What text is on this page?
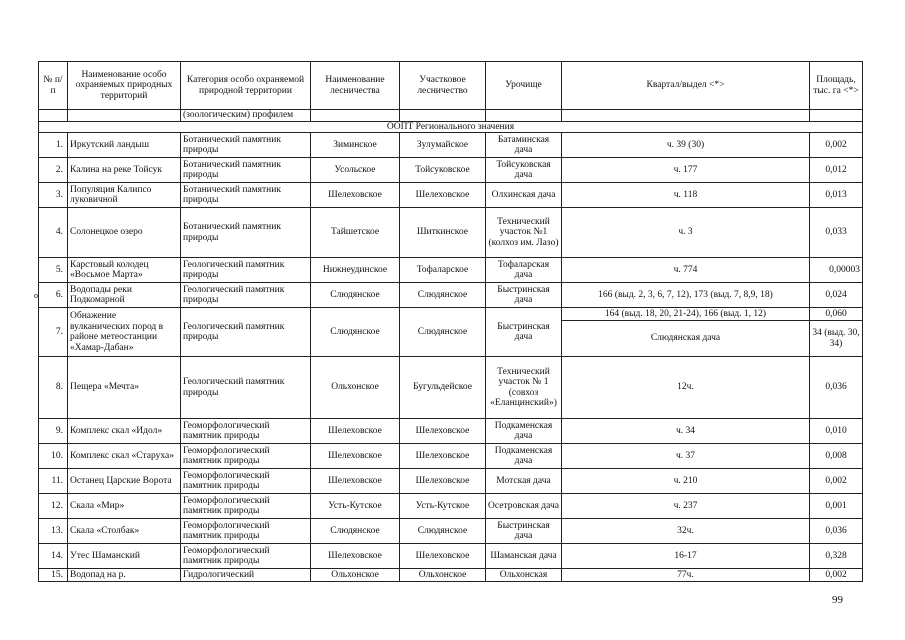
№ п/п	Наименование особо охраняемых природных территорий	Категория особо охраняемой природной территории	Наименование лесничества	Участковое лесничество	Урочище	Квартал/выдел <*>	Площадь, тыс. га <*>
		(зоологическим) профилем					
ООПТ Регионального значения							
1.	Иркутский ландыш	Ботанический памятник природы	Зиминское	Зулумайское	Батаминская дача	ч. 39 (30)	0,002
2.	Калина на реке Тойсук	Ботанический памятник природы	Усольское	Тойсуковское	Тойсуковская дача	ч. 177	0,012
3.	Популяция Калипсо луковичной	Ботанический памятник природы	Шелеховское	Шелеховское	Олхинская дача	ч. 118	0,013
4.	Солонецкое озеро	Ботанический памятник природы	Тайшетское	Шиткинское	Технический участок №1 (колхоз им. Лазо)	ч. 3	0,033
5.	Карстовый колодец «Восьмое Марта»	Геологический памятник природы	Нижнеудинское	Тофаларское	Тофаларская дача	ч. 774	0,00003
6.	Водопады реки Подкомарной	Геологический памятник природы	Слюдянское	Слюдянское	Быстринская дача	166 (выд. 2, 3, 6, 7, 12), 173 (выд. 7, 8,9, 18)	0,024
7.	Обнажение вулканических пород в районе метеостанции «Хамар-Дабан»	Геологический памятник природы	Слюдянское	Слюдянское	Быстринская дача	164 (выд. 18, 20, 21-24), 166 (выд. 1, 12)	0,060
						Слюдянская дача	34 (выд. 30, 34)
8.	Пещера «Мечта»	Геологический памятник природы	Ольхонское	Бугульдейское	Технический участок № 1 (совхоз «Еланцинский»)	12ч.	0,036
9.	Комплекс скал «Идол»	Геоморфологический памятник природы	Шелеховское	Шелеховское	Подкаменская дача	ч. 34	0,010
10.	Комплекс скал «Старуха»	Геоморфологический памятник природы	Шелеховское	Шелеховское	Подкаменская дача	ч. 37	0,008
11.	Останец Царские Ворота	Геоморфологический памятник природы	Шелеховское	Шелеховское	Мотская дача	ч. 210	0,002
12.	Скала «Мир»	Геоморфологический памятник природы	Усть-Кутское	Усть-Кутское	Осетровская дача	ч. 237	0,001
13.	Скала «Столбак»	Геоморфологический памятник природы	Слюдянское	Слюдянское	Быстринская дача	32ч.	0,036
14.	Утес Шаманский	Геоморфологический памятник природы	Шелеховское	Шелеховское	Шаманская дача	16-17	0,328
15.	Водопад на р.	Гидрологический	Ольхонское	Ольхонское	Ольхонская	77ч.	0,002
о
99
